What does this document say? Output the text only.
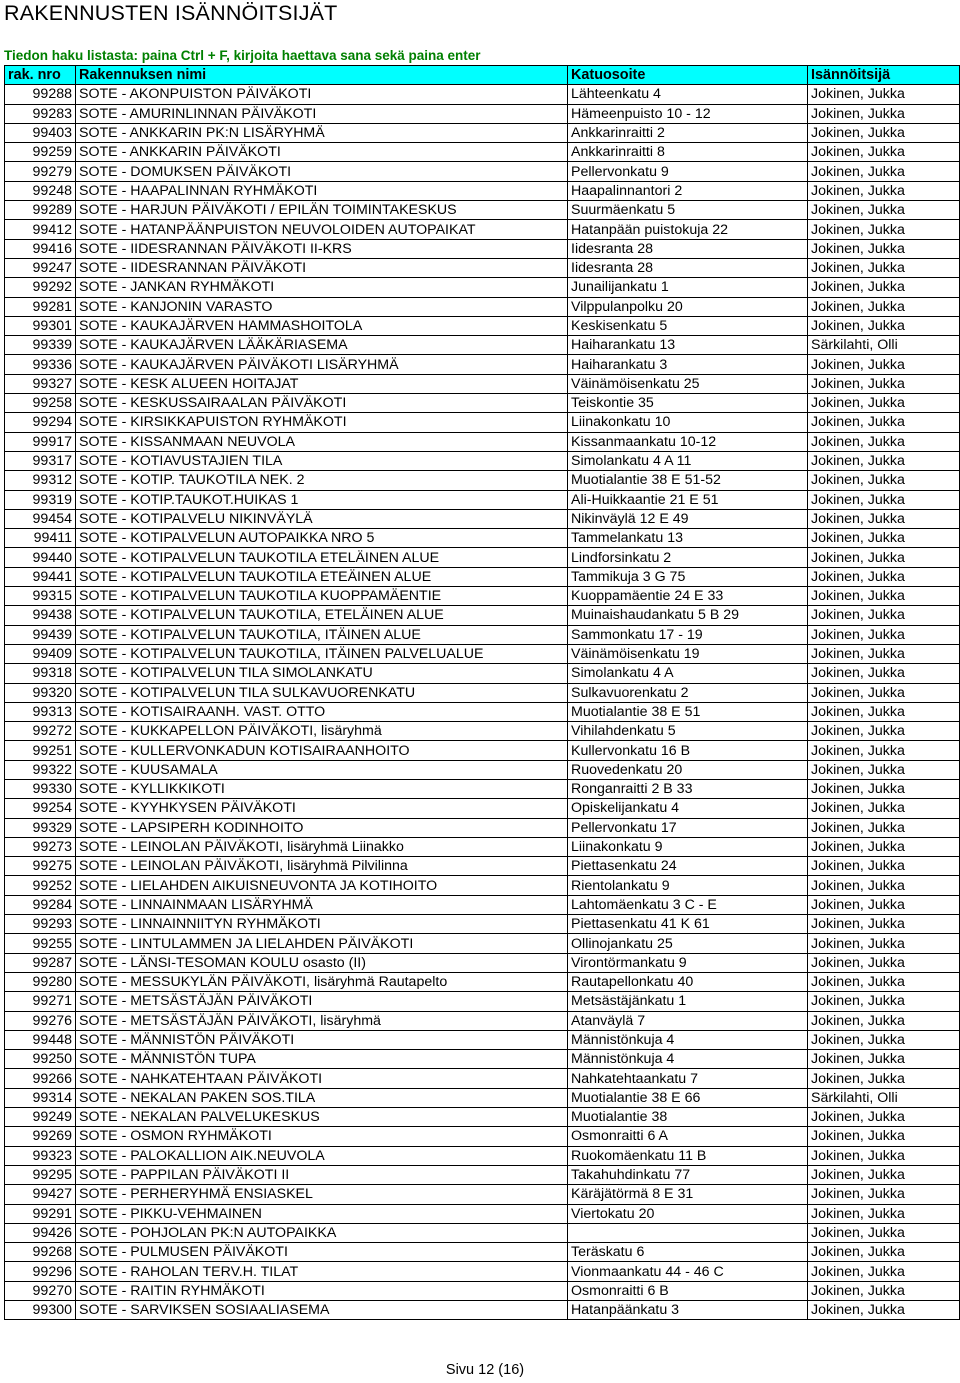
RAKENNUSTEN ISÄNNÖITSIJÄT
Tiedon haku listasta: paina Ctrl + F, kirjoita haettava sana sekä paina enter
rak. nro	Rakennuksen nimi	Katuosoite	Isännöitsijä
99288	SOTE - AKONPUISTON PÄIVÄKOTI	Lähteenkatu 4	Jokinen, Jukka
99283	SOTE - AMURINLINNAN PÄIVÄKOTI	Hämeenpuisto 10 - 12	Jokinen, Jukka
99403	SOTE - ANKKARIN PK:N LISÄRYHMÄ	Ankkarinraitti 2	Jokinen, Jukka
99259	SOTE - ANKKARIN PÄIVÄKOTI	Ankkarinraitti 8	Jokinen, Jukka
99279	SOTE - DOMUKSEN PÄIVÄKOTI	Pellervonkatu 9	Jokinen, Jukka
99248	SOTE - HAAPALINNAN RYHMÄKOTI	Haapalinnantori 2	Jokinen, Jukka
99289	SOTE - HARJUN PÄIVÄKOTI / EPILÄN TOIMINTAKESKUS	Suurmäenkatu 5	Jokinen, Jukka
99412	SOTE - HATANPÄÄNPUISTON NEUVOLOIDEN AUTOPAIKAT	Hatanpään puistokuja 22	Jokinen, Jukka
99416	SOTE - IIDESRANNAN PÄIVÄKOTI II-KRS	Iidesranta 28	Jokinen, Jukka
99247	SOTE - IIDESRANNAN PÄIVÄKOTI	Iidesranta 28	Jokinen, Jukka
99292	SOTE - JANKAN RYHMÄKOTI	Junailijankatu 1	Jokinen, Jukka
99281	SOTE - KANJONIN VARASTO	Vilppulanpolku 20	Jokinen, Jukka
99301	SOTE - KAUKAJÄRVEN HAMMASHOITOLA	Keskisenkatu 5	Jokinen, Jukka
99339	SOTE - KAUKAJÄRVEN LÄÄKÄRIASEMA	Haiharankatu 13	Särkilahti, Olli
99336	SOTE - KAUKAJÄRVEN PÄIVÄKOTI LISÄRYHMÄ	Haiharankatu 3	Jokinen, Jukka
99327	SOTE - KESK ALUEEN HOITAJAT	Väinämöisenkatu 25	Jokinen, Jukka
99258	SOTE - KESKUSSAIRAALAN PÄIVÄKOTI	Teiskontie 35	Jokinen, Jukka
99294	SOTE - KIRSIKKAPUISTON RYHMÄKOTI	Liinakonkatu 10	Jokinen, Jukka
99917	SOTE - KISSANMAAN NEUVOLA	Kissanmaankatu 10-12	Jokinen, Jukka
99317	SOTE - KOTIAVUSTAJIEN TILA	Simolankatu 4 A 11	Jokinen, Jukka
99312	SOTE - KOTIP. TAUKOTILA NEK. 2	Muotialantie 38 E 51-52	Jokinen, Jukka
99319	SOTE - KOTIP.TAUKOT.HUIKAS 1	Ali-Huikkaantie 21 E 51	Jokinen, Jukka
99454	SOTE - KOTIPALVELU NIKINVÄYLÄ	Nikinväylä 12 E 49	Jokinen, Jukka
99411	SOTE - KOTIPALVELUN AUTOPAIKKA NRO 5	Tammelankatu 13	Jokinen, Jukka
99440	SOTE - KOTIPALVELUN TAUKOTILA ETELÄINEN ALUE	Lindforsinkatu 2	Jokinen, Jukka
99441	SOTE - KOTIPALVELUN TAUKOTILA ETEÄINEN ALUE	Tammikuja 3 G 75	Jokinen, Jukka
99315	SOTE - KOTIPALVELUN TAUKOTILA KUOPPAMÄENTIE	Kuoppamäentie 24 E 33	Jokinen, Jukka
99438	SOTE - KOTIPALVELUN TAUKOTILA, ETELÄINEN ALUE	Muinaishaudankatu 5 B 29	Jokinen, Jukka
99439	SOTE - KOTIPALVELUN TAUKOTILA, ITÄINEN ALUE	Sammonkatu 17 - 19	Jokinen, Jukka
99409	SOTE - KOTIPALVELUN TAUKOTILA, ITÄINEN PALVELUALUE	Väinämöisenkatu 19	Jokinen, Jukka
99318	SOTE - KOTIPALVELUN TILA SIMOLANKATU	Simolankatu 4 A	Jokinen, Jukka
99320	SOTE - KOTIPALVELUN TILA SULKAVUORENKATU	Sulkavuorenkatu 2	Jokinen, Jukka
99313	SOTE - KOTISAIRAANH. VAST. OTTO	Muotialantie 38 E 51	Jokinen, Jukka
99272	SOTE - KUKKAPELLON PÄIVÄKOTI, lisäryhmä	Vihilahdenkatu 5	Jokinen, Jukka
99251	SOTE - KULLERVONKADUN KOTISAIRAANHOITO	Kullervonkatu 16 B	Jokinen, Jukka
99322	SOTE - KUUSAMALA	Ruovedenkatu 20	Jokinen, Jukka
99330	SOTE - KYLLIKKIKOTI	Ronganraitti 2 B 33	Jokinen, Jukka
99254	SOTE - KYYHKYSEN PÄIVÄKOTI	Opiskelijankatu 4	Jokinen, Jukka
99329	SOTE - LAPSIPERH KODINHOITO	Pellervonkatu 17	Jokinen, Jukka
99273	SOTE - LEINOLAN PÄIVÄKOTI, lisäryhmä Liinakko	Liinakonkatu 9	Jokinen, Jukka
99275	SOTE - LEINOLAN PÄIVÄKOTI, lisäryhmä Pilvilinna	Piettasenkatu 24	Jokinen, Jukka
99252	SOTE - LIELAHDEN AIKUISNEUVONTA JA KOTIHOITO	Rientolankatu 9	Jokinen, Jukka
99284	SOTE - LINNAINMAAN LISÄRYHMÄ	Lahtomäenkatu 3 C - E	Jokinen, Jukka
99293	SOTE - LINNAINNIITYN RYHMÄKOTI	Piettasenkatu 41 K 61	Jokinen, Jukka
99255	SOTE - LINTULAMMEN JA LIELAHDEN PÄIVÄKOTI	Ollinojankatu 25	Jokinen, Jukka
99287	SOTE - LÄNSI-TESOMAN KOULU osasto (II)	Virontörmankatu 9	Jokinen, Jukka
99280	SOTE - MESSUKYLÄN PÄIVÄKOTI, lisäryhmä Rautapelto	Rautapellonkatu 40	Jokinen, Jukka
99271	SOTE - METSÄSTÄJÄN PÄIVÄKOTI	Metsästäjänkatu 1	Jokinen, Jukka
99276	SOTE - METSÄSTÄJÄN PÄIVÄKOTI, lisäryhmä	Atanväylä 7	Jokinen, Jukka
99448	SOTE - MÄNNISTÖN PÄIVÄKOTI	Männistönkuja 4	Jokinen, Jukka
99250	SOTE - MÄNNISTÖN TUPA	Männistönkuja 4	Jokinen, Jukka
99266	SOTE - NAHKATEHTAAN PÄIVÄKOTI	Nahkatehtaankatu 7	Jokinen, Jukka
99314	SOTE - NEKALAN PAKEN SOS.TILA	Muotialantie 38 E 66	Särkilahti, Olli
99249	SOTE - NEKALAN PALVELUKESKUS	Muotialantie 38	Jokinen, Jukka
99269	SOTE - OSMON RYHMÄKOTI	Osmonraitti 6 A	Jokinen, Jukka
99323	SOTE - PALOKALLION AIK.NEUVOLA	Ruokomäenkatu 11 B	Jokinen, Jukka
99295	SOTE - PAPPILAN PÄIVÄKOTI II	Takahuhdinkatu 77	Jokinen, Jukka
99427	SOTE - PERHERYHMÄ ENSIASKEL	Käräjätörmä 8 E 31	Jokinen, Jukka
99291	SOTE - PIKKU-VEHMAINEN	Viertokatu 20	Jokinen, Jukka
99426	SOTE - POHJOLAN PK:N AUTOPAIKKA		Jokinen, Jukka
99268	SOTE - PULMUSEN PÄIVÄKOTI	Teräskatu 6	Jokinen, Jukka
99296	SOTE - RAHOLAN TERV.H. TILAT	Vionmaankatu 44 - 46 C	Jokinen, Jukka
99270	SOTE - RAITIN RYHMÄKOTI	Osmonraitti 6 B	Jokinen, Jukka
99300	SOTE - SARVIKSEN SOSIAALIASEMA	Hatanpäänkatu 3	Jokinen, Jukka
Sivu 12 (16)
